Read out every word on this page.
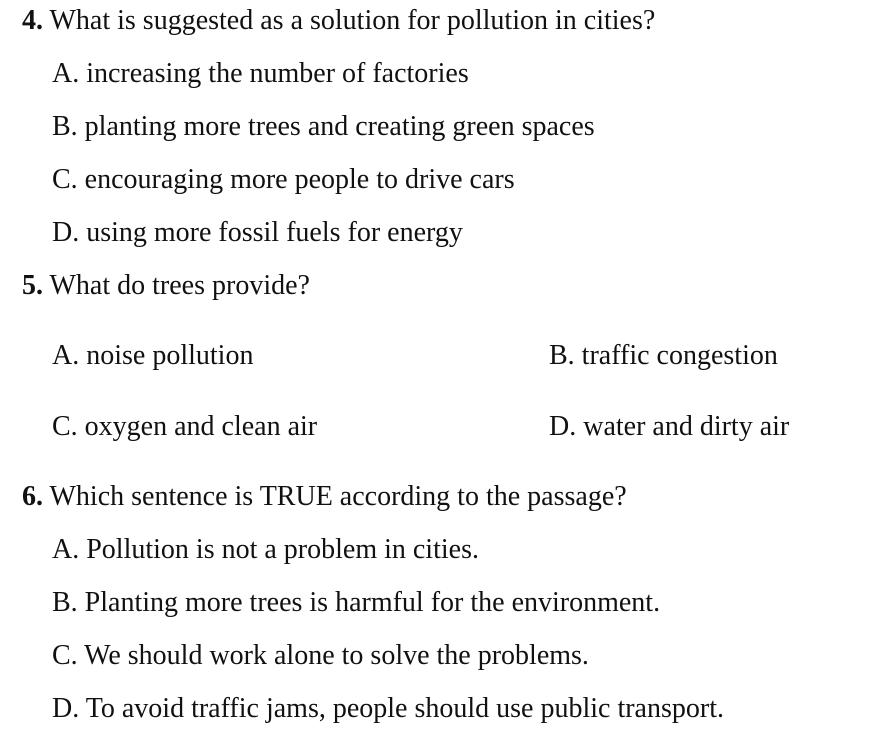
4. What is suggested as a solution for pollution in cities?
A. increasing the number of factories
B. planting more trees and creating green spaces
C. encouraging more people to drive cars
D. using more fossil fuels for energy
5. What do trees provide?
A. noise pollution	B. traffic congestion
C. oxygen and clean air	D. water and dirty air
6. Which sentence is TRUE according to the passage?
A. Pollution is not a problem in cities.
B. Planting more trees is harmful for the environment.
C. We should work alone to solve the problems.
D. To avoid traffic jams, people should use public transport.
